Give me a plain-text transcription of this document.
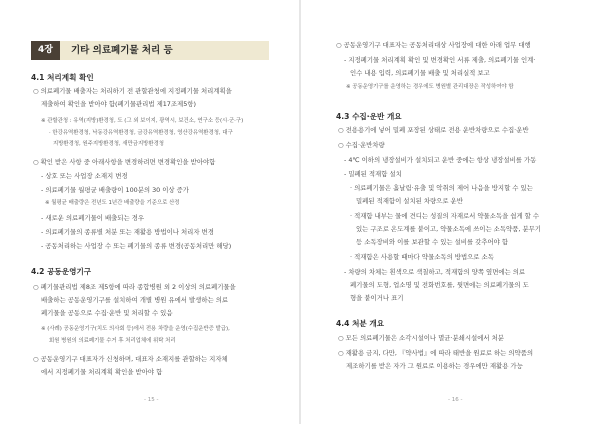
4장	기타 의료폐기물 처리 등
4.1 처리계획 확인
○ 의료폐기물 배출자는 처리하기 전 관할관청에 지정폐기물 처리계획을
제출하여 확인을 받아야 함(폐기물관리법 제17조제5항)
※ 관할관청 : 유역(지방)환경청, 도 (그 외 보이지, 광역시, 보건소, 연구소 등(시·군·구)
· 한강유역환경청, 낙동강유역환경청, 금강유역환경청, 영산강유역환경청, 대구
지방환경청, 원주지방환경청, 새만금지방환경청
○ 확인 받은 사항 중 아래사항을 변경하려면 변경확인을 받아야함
- 상호 또는 사업장 소재지 변경
- 의료폐기물 월평균 배출량이 100분의 30 이상 증가
※ 월평균 배출량은 전년도 1년간 배출량을 기준으로 산정
- 새로운 의료폐기물이 배출되는 경우
- 의료폐기물의 종류별 처분 또는 재활용 방법이나 처리자 변경
- 공동처리하는 사업장 수 또는 폐기물의 종류 변경(공동처리만 해당)
4.2 공동운영기구
○ 폐기물관리법 제8조 제5항에 따라 종합병원 외 2 이상의 의료폐기물을
배출하는 공동운영기구를 설치하여 개별 병원 유에서 발생하는 의료
폐기물을 공동으로 수집·운반 및 처리할 수 있음
※ (사례) 공동운영기구(치도 의사회 등)에서 전용 차량을 운영(수집운반증 발급),
회원 병원의 의료폐기물 수거 후 처리업체에 위탁 처리
○ 공동운영기구 대표자가 신청하며, 대표자 소재지를 관할하는 지자체
에서 지정폐기물 처리계획 확인을 받아야 함
- 15 -
○ 공동운영기구 대표자는 공동처리대상 사업장에 대한 아래 업무 대행
- 지정폐기물 처리계획 확인 및 변경확인 서류 제출, 의료폐기물 인계·
인수 내용 입력, 의료폐기물 배출 및 처리실적 보고
※ 공동운영기구를 운영하는 경우에도 병원별 관리대장은 작성하여야 함
4.3 수집·운반 개요
○ 전용용기에 넣어 밀폐 포장된 상태로 전용 운반차량으로 수집·운반
○ 수집·운반차량
- 4℃ 이하의 냉장설비가 설치되고 운반 중에는 항상 냉장설비를 가동
- 밀폐된 적재함 설치
· 의료폐기물은 흘날림·유출 및 악취의 제어 나음을 방지할 수 있는
밀폐된 적재함이 설치된 차량으로 운반
· 적재함 내부는 물에 견디는 성질의 자재로서 약물소독을 쉽게 할 수
있는 구조로 온도계를 붙이고, 약물소독에 쓰이는 소독약품, 분무기
등 소독장비와 이를 보관할 수 있는 설비를 갖추어야 함
· 적재함은 사용할 때마다 약물소독의 방법으로 소독
- 차량의 차체는 흰색으로 색칠하고, 적재함의 양쪽 옆면에는 의료
폐기물의 도형, 업소명 및 전화번호를, 뒷면에는 의료폐기물의 도
형을 붙이거나 표기
4.4 처분 개요
○ 모든 의료폐기물은 소각시설이나 멸균·분쇄시설에서 처분
○ 재활용 금지, 다만, 『약사법』에 따라 태반을 원료로 하는 의약품의
제조하기를 받은 자가 그 원료로 이용하는 경우에만 재활용 가능
- 16 -
